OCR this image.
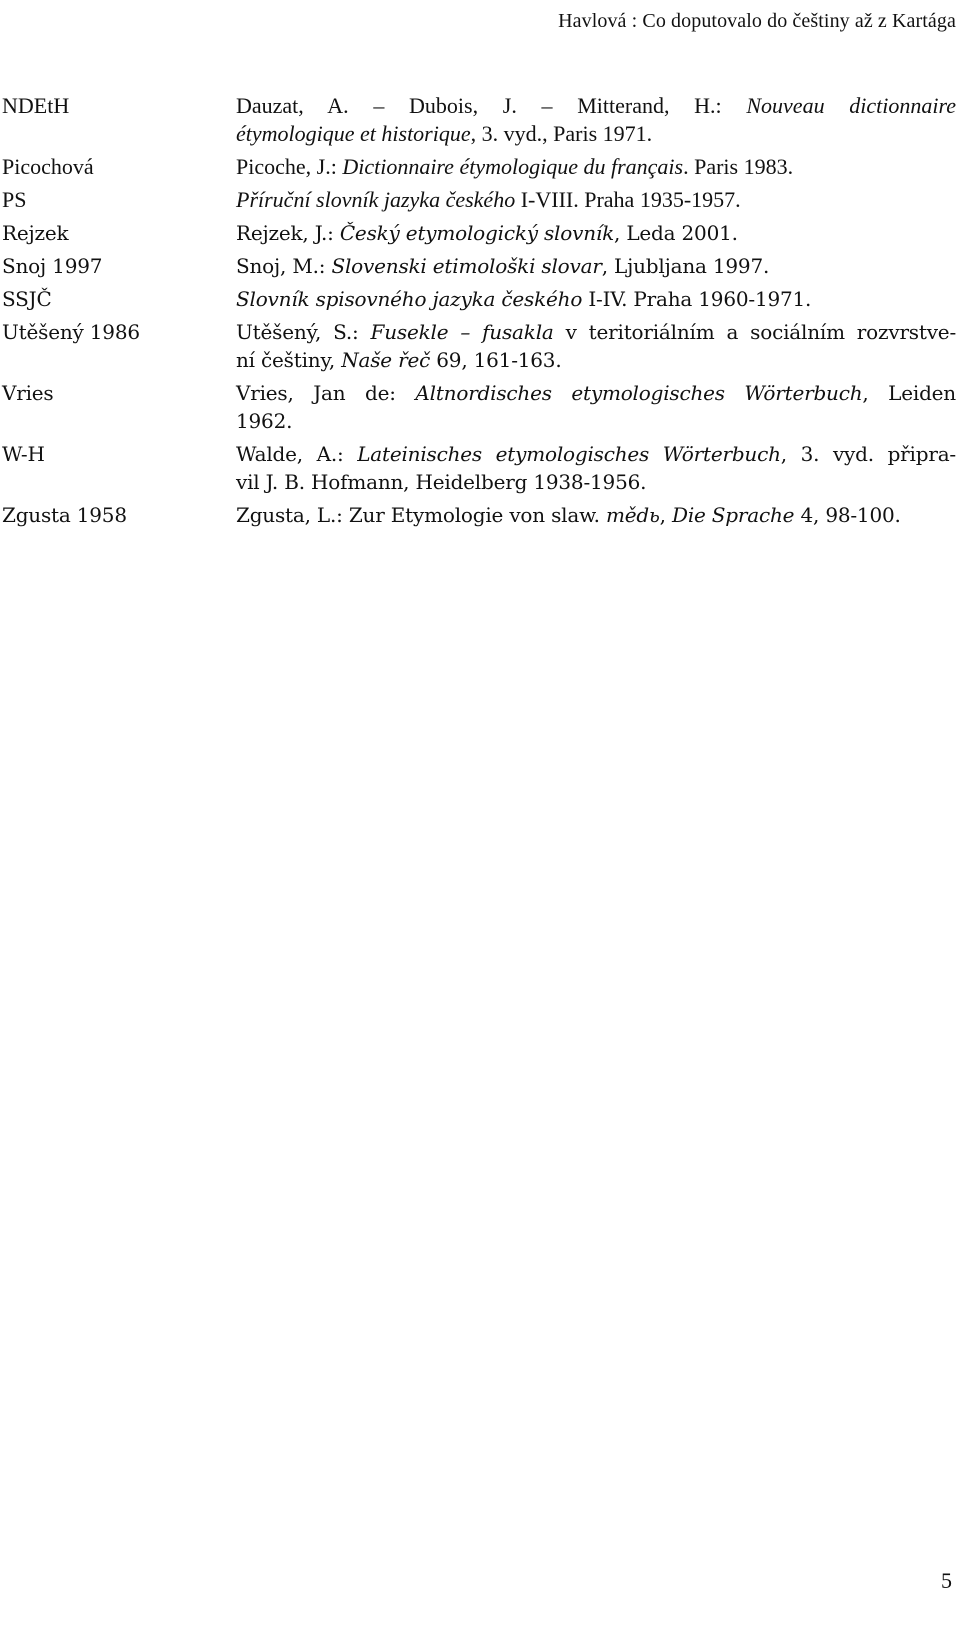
Havlová : Co doputovalo do češtiny až z Kartága
NDEtH	Dauzat, A. – Dubois, J. – Mitterand, H.: Nouveau dictionnaire
étymologique et historique, 3. vyd., Paris 1971.
Picochová	Picoche, J.: Dictionnaire étymologique du français. Paris 1983.
PS	Příruční slovník jazyka českého I-VIII. Praha 1935-1957.
Rejzek	Rejzek, J.: Český etymologický slovník, Leda 2001.
Snoj 1997	Snoj, M.: Slovenski etimološki slovar, Ljubljana 1997.
SSJČ	Slovník spisovného jazyka českého I-IV. Praha 1960-1971.
Utěšený 1986	Utěšený, S.: Fusekle – fusakla v teritoriálním a sociálním rozvrstve-
ní češtiny, Naše řeč 69, 161-163.
Vries	Vries, Jan de: Altnordisches etymologisches Wörterbuch, Leiden
1962.
W-H	Walde, A.: Lateinisches etymologisches Wörterbuch, 3. vyd. připra-
vil J. B. Hofmann, Heidelberg 1938-1956.
Zgusta 1958	Zgusta, L.: Zur Etymologie von slaw. mědь, Die Sprache 4, 98-100.
5
